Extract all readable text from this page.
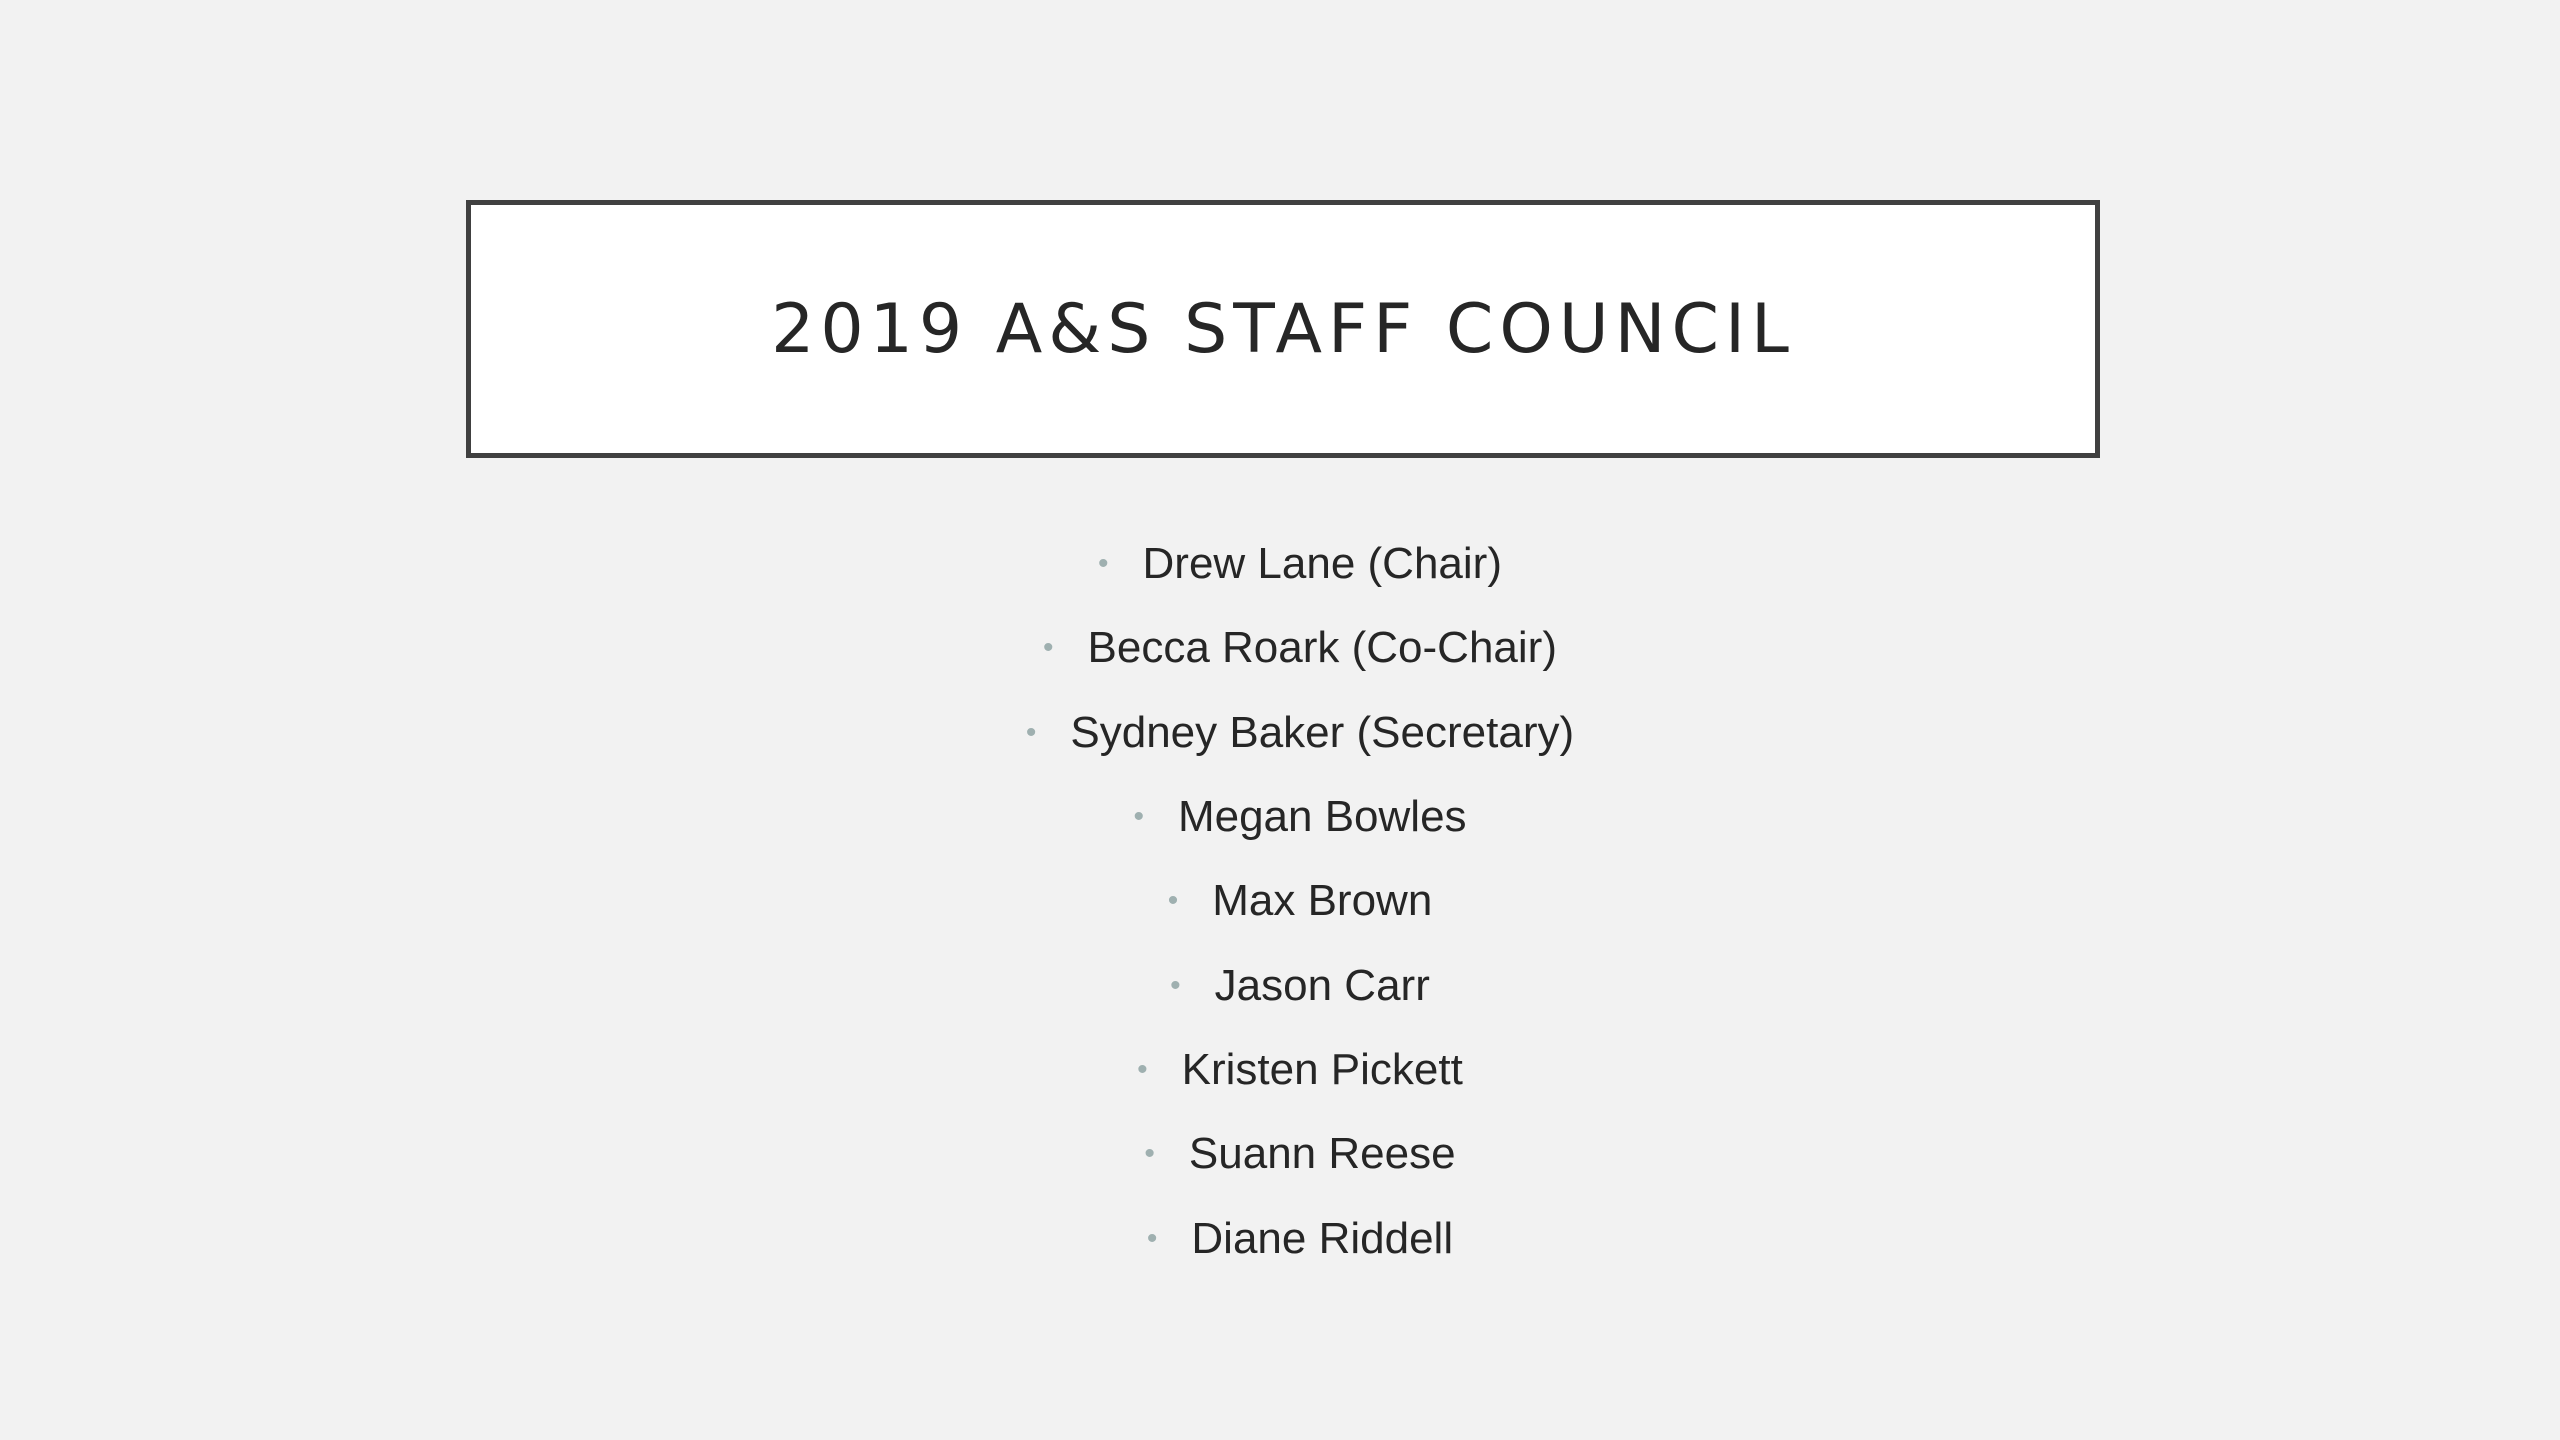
2019 A&S STAFF COUNCIL
• Drew Lane (Chair)
• Becca Roark (Co-Chair)
• Sydney Baker (Secretary)
• Megan Bowles
• Max Brown
• Jason Carr
• Kristen Pickett
• Suann Reese
• Diane Riddell
